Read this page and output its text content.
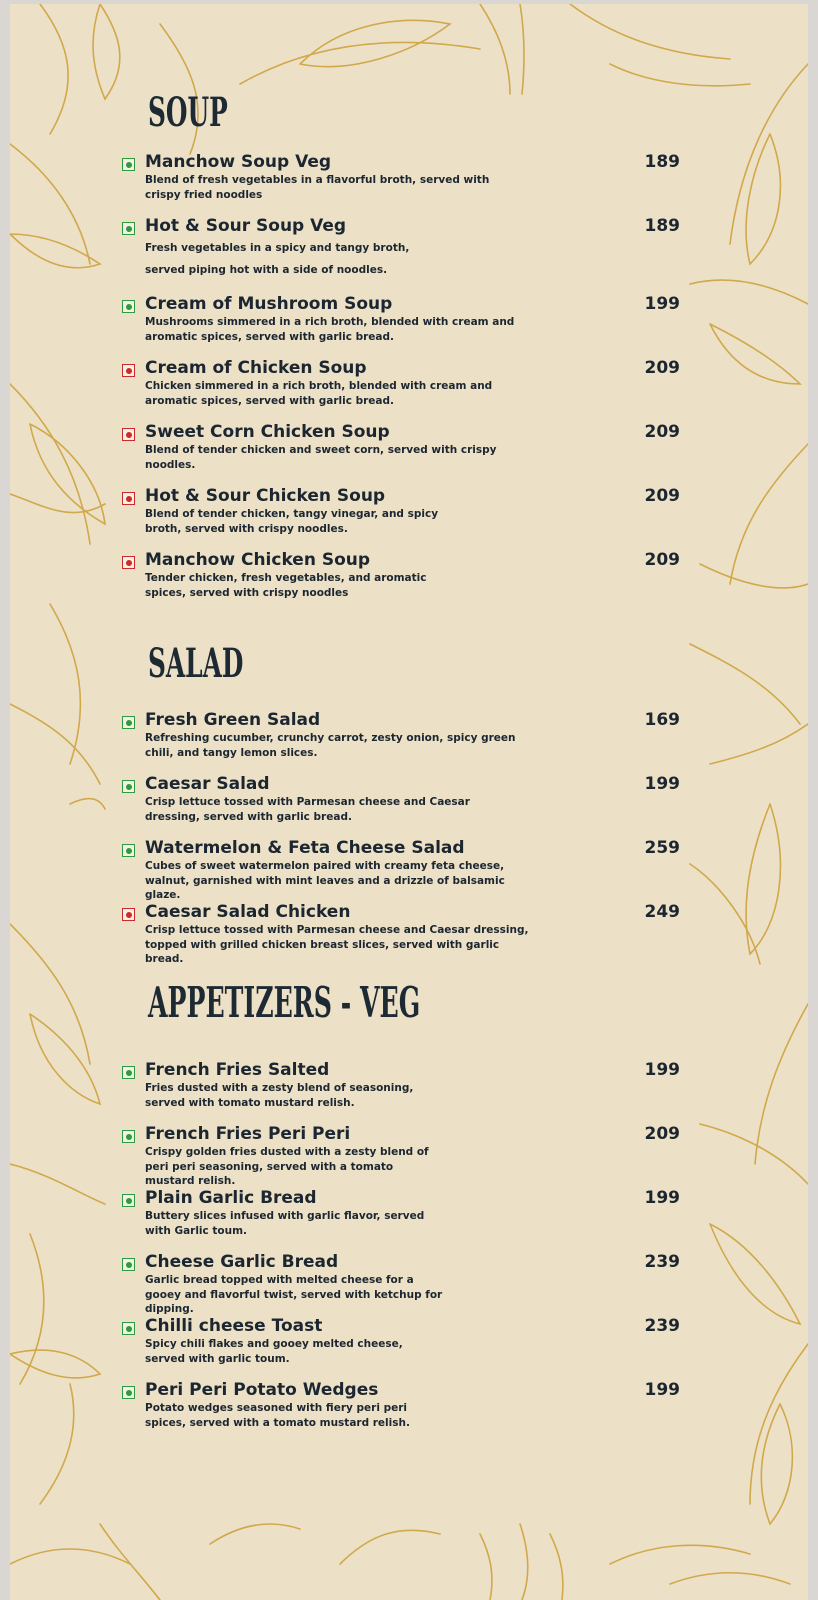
SOUP
Manchow Soup Veg	189
Blend of fresh vegetables in a flavorful broth, served with crispy fried noodles
Hot & Sour Soup Veg	189
Fresh vegetables in a spicy and tangy broth, served piping hot with a side of noodles.
Cream of Mushroom Soup	199
Mushrooms simmered in a rich broth, blended with cream and aromatic spices, served with garlic bread.
Cream of Chicken Soup	209
Chicken simmered in a rich broth, blended with cream and aromatic spices, served with garlic bread.
Sweet Corn Chicken Soup	209
Blend of tender chicken and sweet corn, served with crispy noodles.
Hot & Sour Chicken Soup	209
Blend of tender chicken, tangy vinegar, and spicy broth, served with crispy noodles.
Manchow Chicken Soup	209
Tender chicken, fresh vegetables, and aromatic spices, served with crispy noodles
SALAD
Fresh Green Salad	169
Refreshing cucumber, crunchy carrot, zesty onion, spicy green chili, and tangy lemon slices.
Caesar Salad	199
Crisp lettuce tossed with Parmesan cheese and Caesar dressing, served with garlic bread.
Watermelon & Feta Cheese Salad	259
Cubes of sweet watermelon paired with creamy feta cheese, walnut, garnished with mint leaves and a drizzle of balsamic glaze.
Caesar Salad Chicken	249
Crisp lettuce tossed with Parmesan cheese and Caesar dressing, topped with grilled chicken breast slices, served with garlic bread.
APPETIZERS - VEG
French Fries Salted	199
Fries dusted with a zesty blend of seasoning, served with tomato mustard relish.
French Fries Peri Peri	209
Crispy golden fries dusted with a zesty blend of peri peri seasoning, served with a tomato mustard relish.
Plain Garlic Bread	199
Buttery slices infused with garlic flavor, served with Garlic toum.
Cheese Garlic Bread	239
Garlic bread topped with melted cheese for a gooey and flavorful twist, served with ketchup for dipping.
Chilli cheese Toast	239
Spicy chili flakes and gooey melted cheese, served with garlic toum.
Peri Peri Potato Wedges	199
Potato wedges seasoned with fiery peri peri spices, served with a tomato mustard relish.
